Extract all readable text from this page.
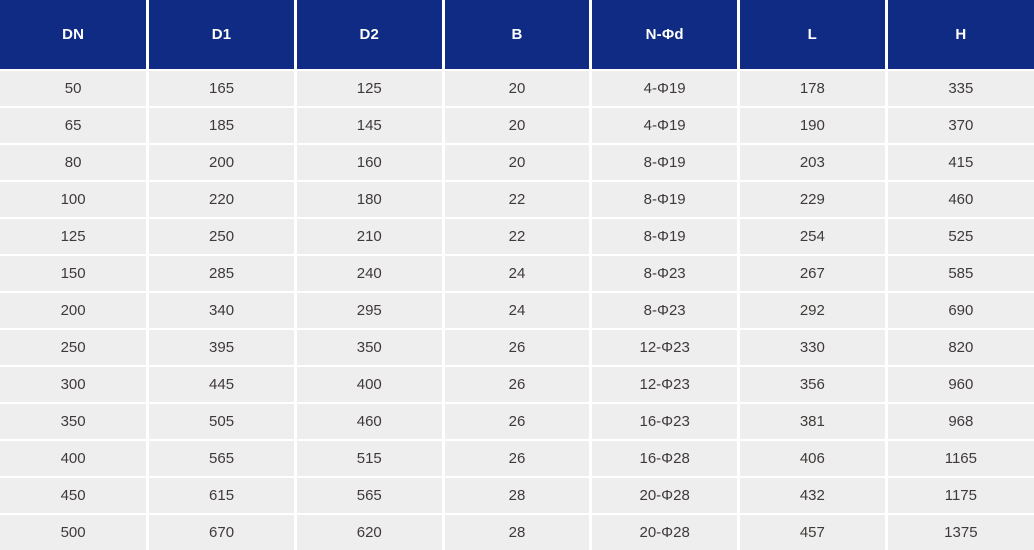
DN	D1	D2	B	N-Φd	L	H
50	165	125	20	4-Φ19	178	335
65	185	145	20	4-Φ19	190	370
80	200	160	20	8-Φ19	203	415
100	220	180	22	8-Φ19	229	460
125	250	210	22	8-Φ19	254	525
150	285	240	24	8-Φ23	267	585
200	340	295	24	8-Φ23	292	690
250	395	350	26	12-Φ23	330	820
300	445	400	26	12-Φ23	356	960
350	505	460	26	16-Φ23	381	968
400	565	515	26	16-Φ28	406	1165
450	615	565	28	20-Φ28	432	1175
500	670	620	28	20-Φ28	457	1375
